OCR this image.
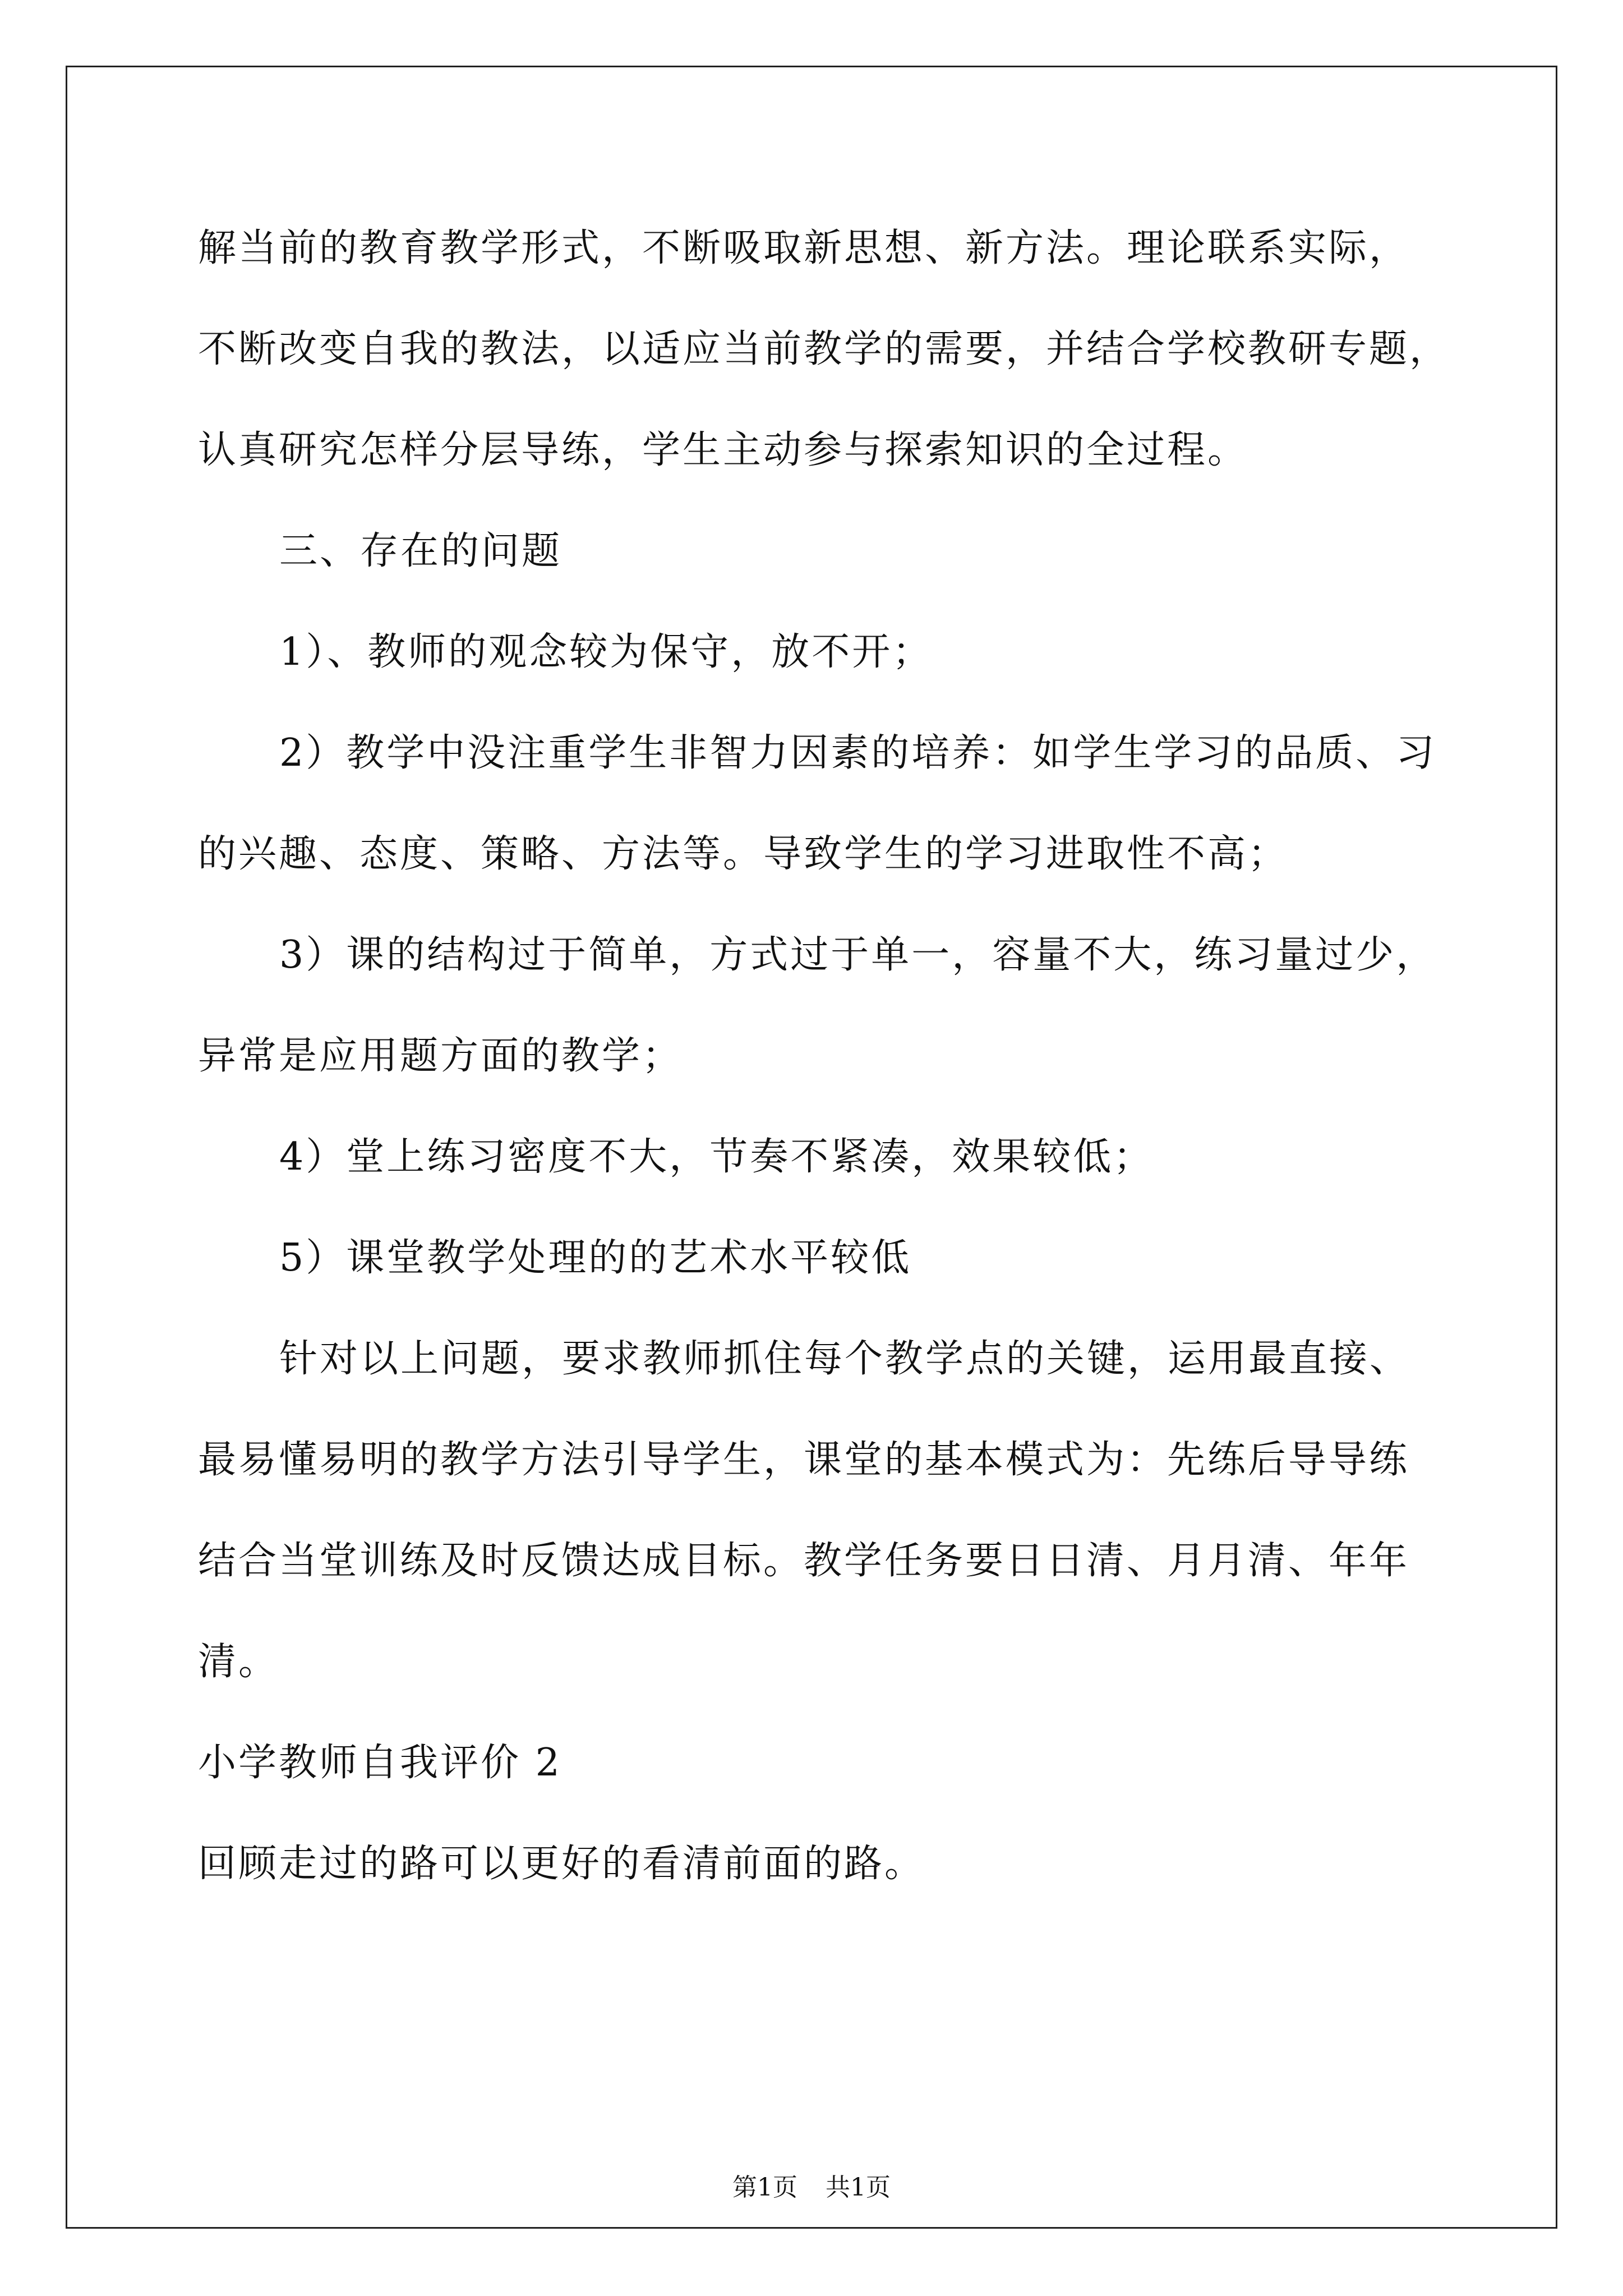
解当前的教育教学形式，不断吸取新思想、新方法。理论联系实际，
不断改变自我的教法，以适应当前教学的需要，并结合学校教研专题，
认真研究怎样分层导练，学生主动参与探索知识的全过程。
三、存在的问题
1）、教师的观念较为保守，放不开；
2）教学中没注重学生非智力因素的培养：如学生学习的品质、习
的兴趣、态度、策略、方法等。导致学生的学习进取性不高；
3）课的结构过于简单，方式过于单一，容量不大，练习量过少，
异常是应用题方面的教学；
4）堂上练习密度不大，节奏不紧凑，效果较低；
5）课堂教学处理的的艺术水平较低
针对以上问题，要求教师抓住每个教学点的关键，运用最直接、
最易懂易明的教学方法引导学生，课堂的基本模式为：先练后导导练
结合当堂训练及时反馈达成目标。教学任务要日日清、月月清、年年
清。
小学教师自我评价 2
回顾走过的路可以更好的看清前面的路。
第1页 共1页
